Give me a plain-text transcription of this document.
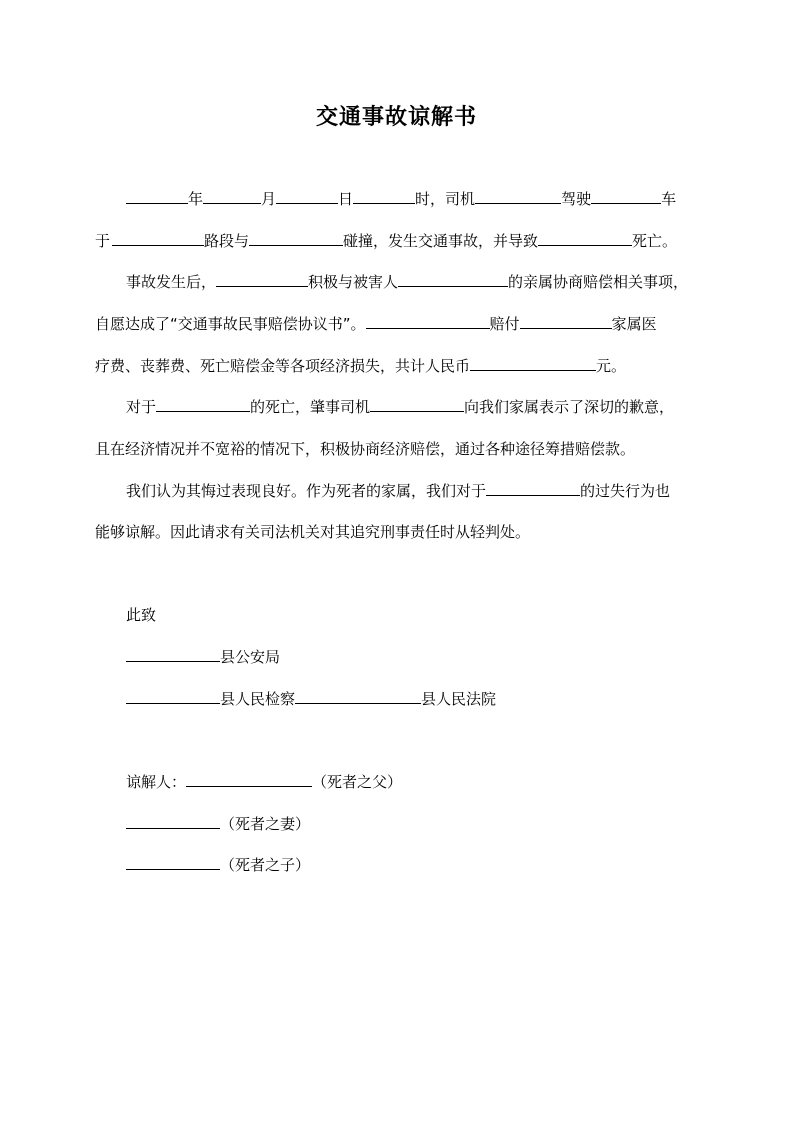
交通事故谅解书
年	月	日	时，司机	驾驶	车
于	路段与	碰撞，发生交通事故，并导致	死亡。
事故发生后，	积极与被害人	的亲属协商赔偿相关事项，
自愿达成了“交通事故民事赔偿协议书”。	赔付	家属医
疗费、丧葬费、死亡赔偿金等各项经济损失，共计人民币	元。
对于	的死亡，肇事司机	向我们家属表示了深切的歉意，
且在经济情况并不宽裕的情况下，积极协商经济赔偿，通过各种途径筹措赔偿款。
我们认为其悔过表现良好。作为死者的家属，我们对于	的过失行为也
能够谅解。因此请求有关司法机关对其追究刑事责任时从轻判处。
此致
县公安局
县人民检察	县人民法院
谅解人：	（死者之父）
（死者之妻）
（死者之子）
